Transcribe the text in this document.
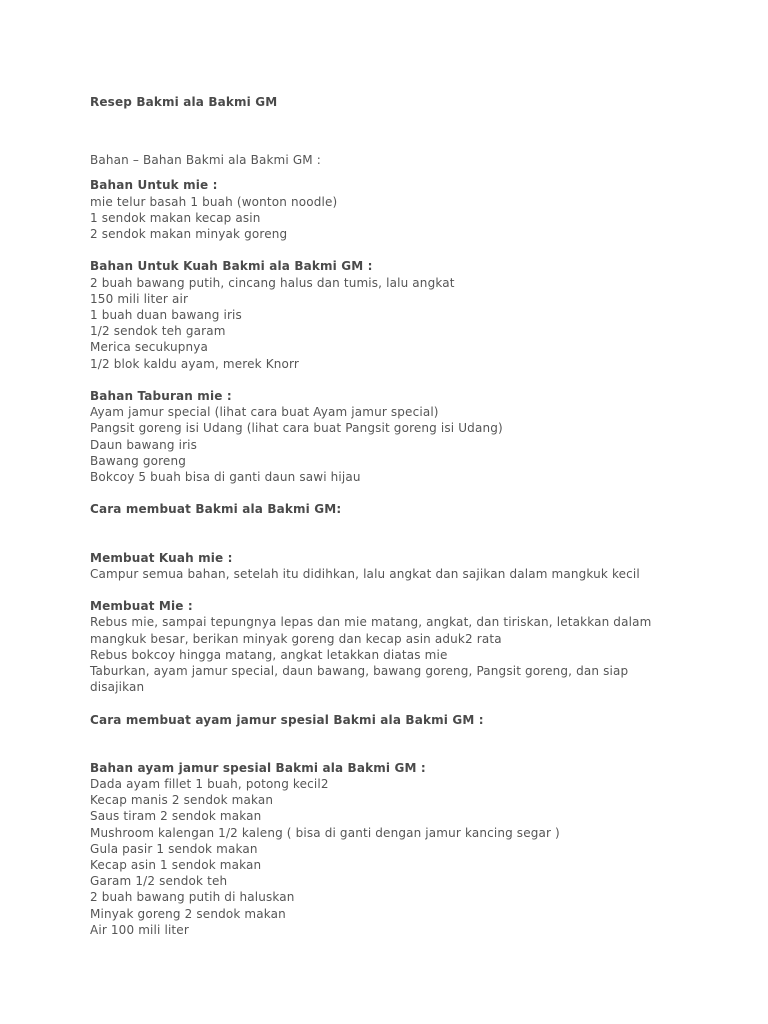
Resep Bakmi ala Bakmi GM
Bahan – Bahan Bakmi ala Bakmi GM :
Bahan Untuk mie :
mie telur basah 1 buah (wonton noodle)
1 sendok makan kecap asin
2 sendok makan minyak goreng
Bahan Untuk Kuah Bakmi ala Bakmi GM :
2 buah bawang putih, cincang halus dan tumis, lalu angkat
150 mili liter air
1 buah duan bawang iris
1/2 sendok teh garam
Merica secukupnya
1/2 blok kaldu ayam, merek Knorr
Bahan Taburan mie :
Ayam jamur special (lihat cara buat Ayam jamur special)
Pangsit goreng isi Udang (lihat cara buat Pangsit goreng isi Udang)
Daun bawang iris
Bawang goreng
Bokcoy 5 buah bisa di ganti daun sawi hijau
Cara membuat Bakmi ala Bakmi GM:
Membuat Kuah mie :
Campur semua bahan, setelah itu didihkan, lalu angkat dan sajikan dalam mangkuk kecil
Membuat Mie :
Rebus mie, sampai tepungnya lepas dan mie matang, angkat, dan tiriskan, letakkan dalam
mangkuk besar, berikan minyak goreng dan kecap asin aduk2 rata
Rebus bokcoy hingga matang, angkat letakkan diatas mie
Taburkan, ayam jamur special, daun bawang, bawang goreng, Pangsit goreng, dan siap
disajikan
Cara membuat ayam jamur spesial Bakmi ala Bakmi GM :
Bahan ayam jamur spesial Bakmi ala Bakmi GM :
Dada ayam fillet 1 buah, potong kecil2
Kecap manis 2 sendok makan
Saus tiram 2 sendok makan
Mushroom kalengan 1/2 kaleng ( bisa di ganti dengan jamur kancing segar )
Gula pasir 1 sendok makan
Kecap asin 1 sendok makan
Garam 1/2 sendok teh
2 buah bawang putih di haluskan
Minyak goreng 2 sendok makan
Air 100 mili liter
